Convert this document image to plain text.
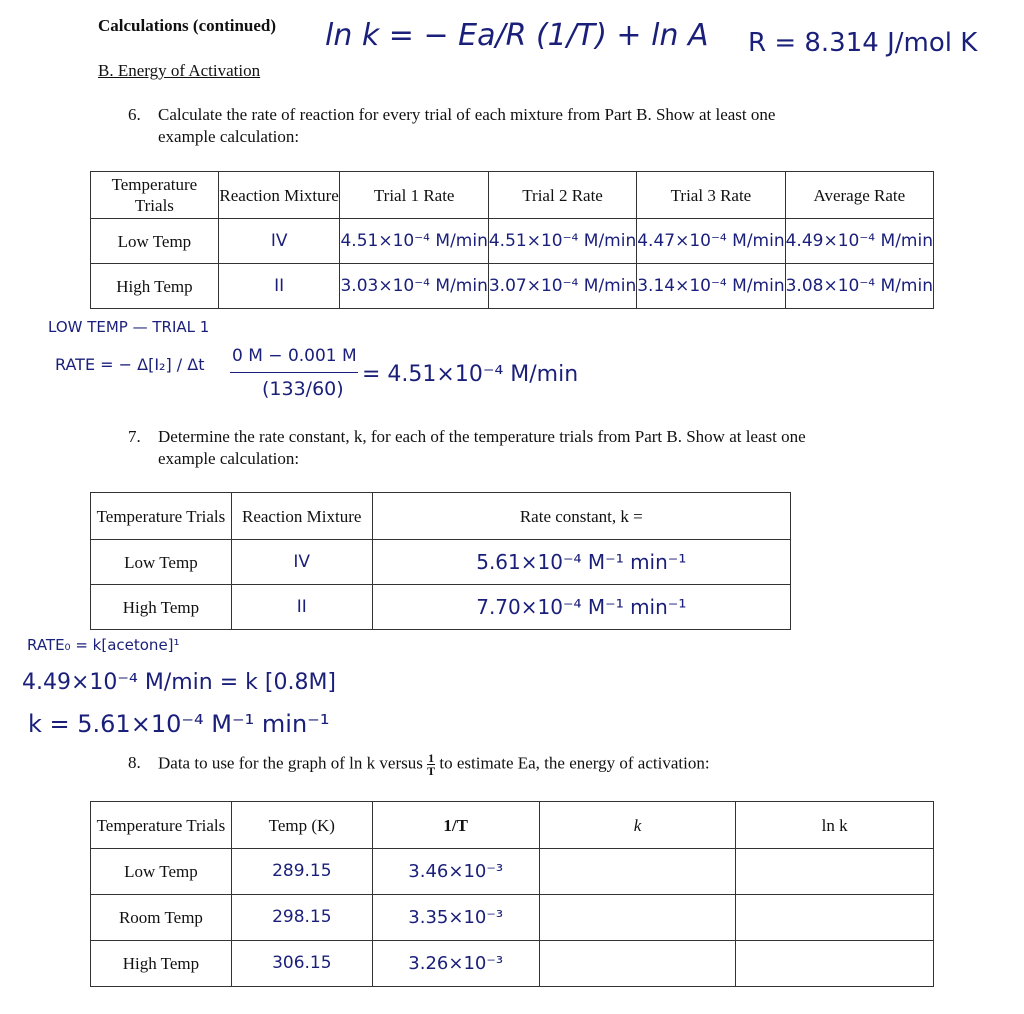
Calculations (continued)
B. Energy of Activation
ln k = − Ea/R (1/T) + ln A R = 8.314 J/mol K
6. Calculate the rate of reaction for every trial of each mixture from Part B. Show at least one
example calculation:
Temperature Trials	Reaction Mixture	Trial 1 Rate	Trial 2 Rate	Trial 3 Rate	Average Rate
Low Temp	IV	4.51×10⁻⁴ M/min	4.51×10⁻⁴ M/min	4.47×10⁻⁴ M/min	4.49×10⁻⁴ M/min
High Temp	II	3.03×10⁻⁴ M/min	3.07×10⁻⁴ M/min	3.14×10⁻⁴ M/min	3.08×10⁻⁴ M/min
LOW TEMP — TRIAL 1
RATE = − Δ[I₂] / Δt 0 M − 0.001 M
(133/60)
= 4.51×10⁻⁴ M/min
7. Determine the rate constant, k, for each of the temperature trials from Part B. Show at least one
example calculation:
Temperature Trials	Reaction Mixture	Rate constant, k =
Low Temp	IV	5.61×10⁻⁴ M⁻¹ min⁻¹
High Temp	II	7.70×10⁻⁴ M⁻¹ min⁻¹
RATE₀ = k[acetone]¹
4.49×10⁻⁴ M/min = k [0.8M]
k = 5.61×10⁻⁴ M⁻¹ min⁻¹
8. Data to use for the graph of ln k versus $\frac{1}{T}$ to estimate Ea, the energy of activation:
Temperature Trials	Temp (K)	1/T	k	ln k
Low Temp	289.15	3.46×10⁻³		
Room Temp	298.15	3.35×10⁻³		
High Temp	306.15	3.26×10⁻³		
